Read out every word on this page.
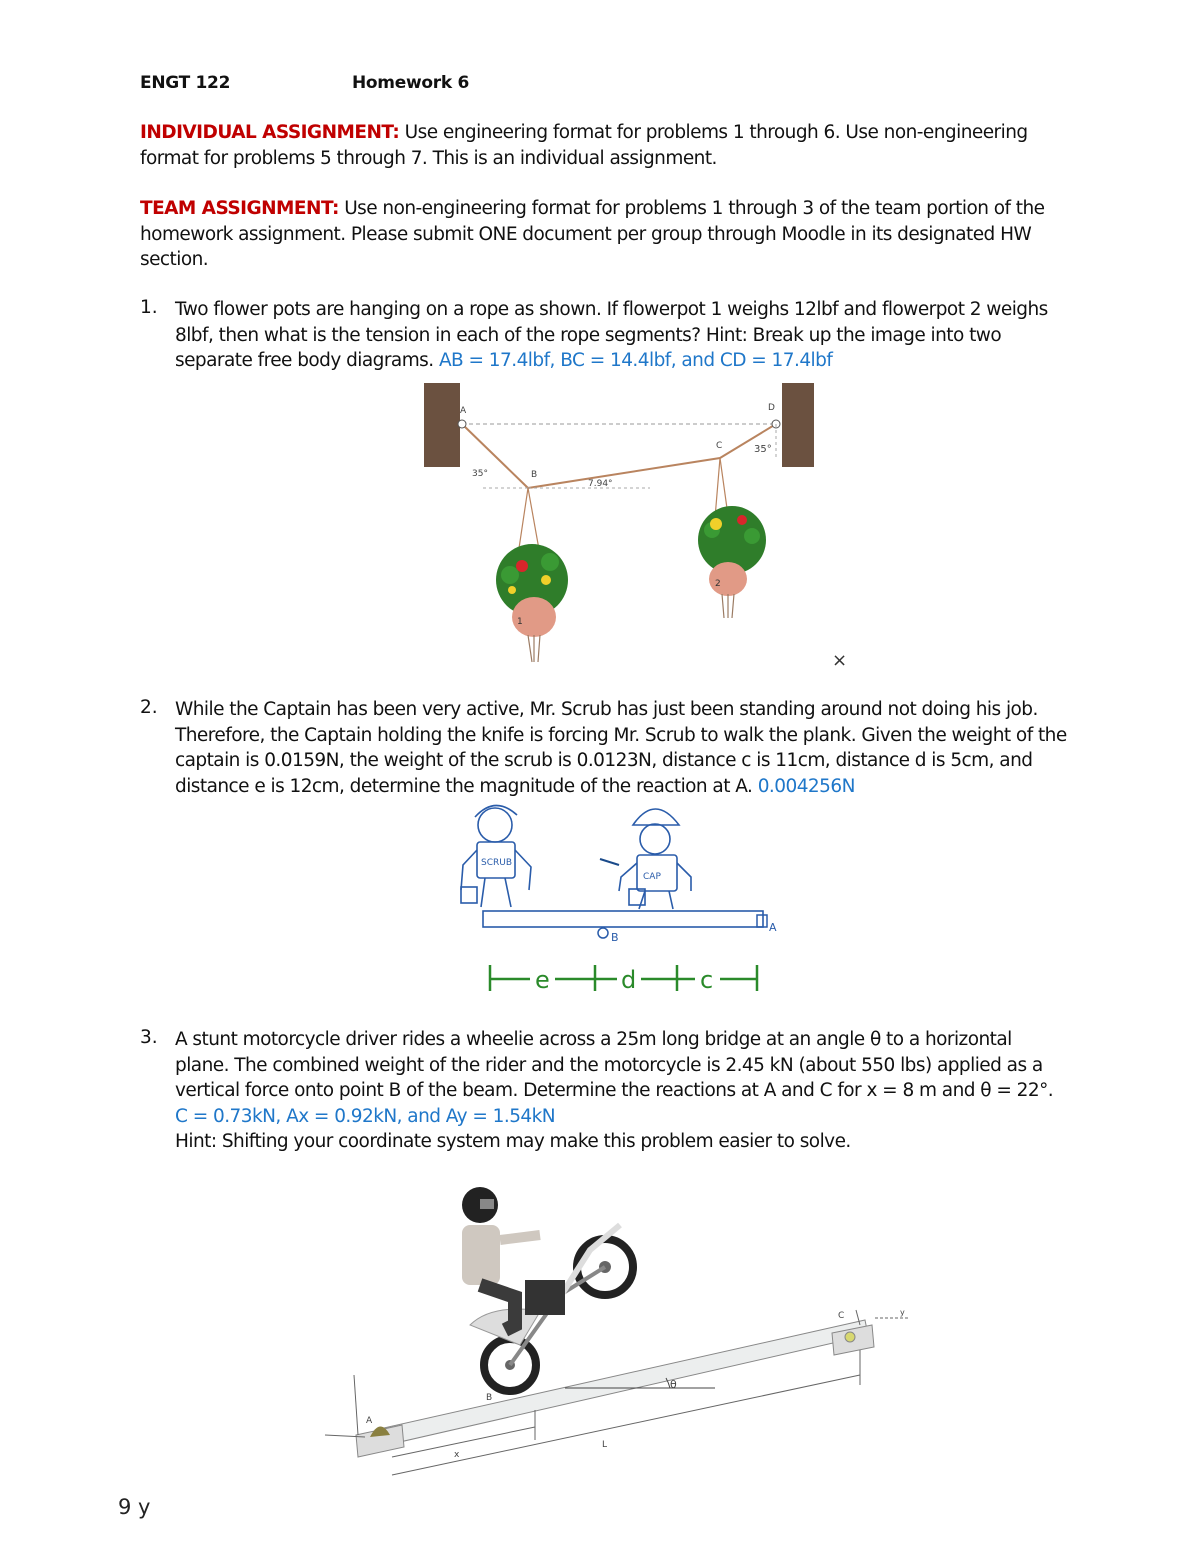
ENGT 122	Homework 6
INDIVIDUAL ASSIGNMENT: Use engineering format for problems 1 through 6. Use non-engineering format for problems 5 through 7. This is an individual assignment.
TEAM ASSIGNMENT: Use non-engineering format for problems 1 through 3 of the team portion of the homework assignment. Please submit ONE document per group through Moodle in its designated HW section.
1. Two flower pots are hanging on a rope as shown. If flowerpot 1 weighs 12lbf and flowerpot 2 weighs 8lbf, then what is the tension in each of the rope segments? Hint: Break up the image into two separate free body diagrams. AB = 17.4lbf, BC = 14.4lbf, and CD = 17.4lbf
A
B
C
D
35°
35°
7.94°
1
2
×
2. While the Captain has been very active, Mr. Scrub has just been standing around not doing his job. Therefore, the Captain holding the knife is forcing Mr. Scrub to walk the plank. Given the weight of the captain is 0.0159N, the weight of the scrub is 0.0123N, distance c is 11cm, distance d is 5cm, and distance e is 12cm, determine the magnitude of the reaction at A. 0.004256N
SCRUB
CAP
A
B
e	d	c
3. A stunt motorcycle driver rides a wheelie across a 25m long bridge at an angle θ to a horizontal plane. The combined weight of the rider and the motorcycle is 2.45 kN (about 550 lbs) applied as a vertical force onto point B of the beam. Determine the reactions at A and C for x = 8 m and θ = 22°. C = 0.73kN, Ax = 0.92kN, and Ay = 1.54kN
Hint: Shifting your coordinate system may make this problem easier to solve.
A
B
C
x
L
θ
y
9 y
